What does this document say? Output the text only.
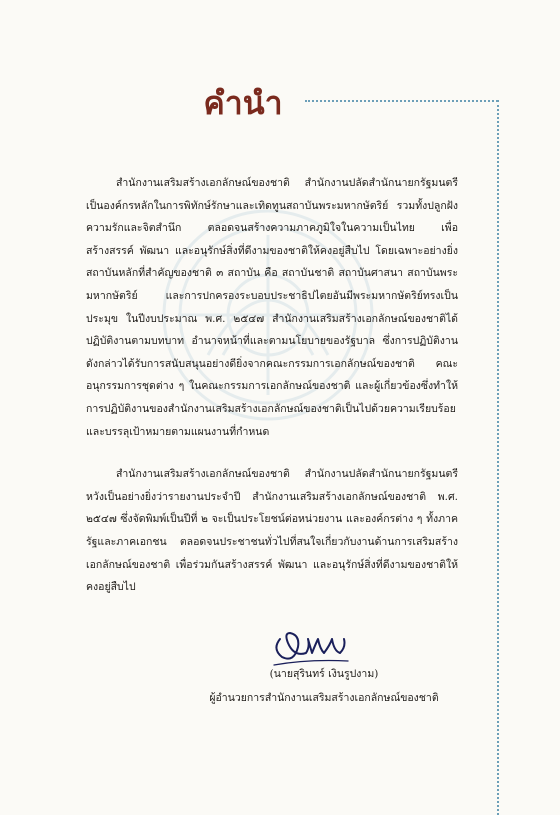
คำนำ

สำนักงานเสริมสร้างเอกลักษณ์ของชาติ สำนักงานปลัดสำนักนายกรัฐมนตรีเป็นองค์กรหลักในการพิทักษ์รักษาและเทิดทูนสถาบันพระมหากษัตริย์ รวมทั้งปลูกฝังความรักและจิตสำนึก ตลอดจนสร้างความภาคภูมิใจในความเป็นไทย เพื่อสร้างสรรค์ พัฒนา และอนุรักษ์สิ่งที่ดีงามของชาติให้คงอยู่สืบไป โดยเฉพาะอย่างยิ่งสถาบันหลักที่สำคัญของชาติ ๓ สถาบัน คือ สถาบันชาติ สถาบันศาสนา สถาบันพระมหากษัตริย์ และการปกครองระบอบประชาธิปไตยอันมีพระมหากษัตริย์ทรงเป็นประมุข ในปีงบประมาณ พ.ศ. ๒๕๔๗ สำนักงานเสริมสร้างเอกลักษณ์ของชาติได้ปฏิบัติงานตามบทบาท อำนาจหน้าที่และตามนโยบายของรัฐบาล ซึ่งการปฏิบัติงานดังกล่าวได้รับการสนับสนุนอย่างดียิ่งจากคณะกรรมการเอกลักษณ์ของชาติ คณะอนุกรรมการชุดต่าง ๆ ในคณะกรรมการเอกลักษณ์ของชาติ และผู้เกี่ยวข้องซึ่งทำให้การปฏิบัติงานของสำนักงานเสริมสร้างเอกลักษณ์ของชาติเป็นไปด้วยความเรียบร้อยและบรรลุเป้าหมายตามแผนงานที่กำหนด

สำนักงานเสริมสร้างเอกลักษณ์ของชาติ สำนักงานปลัดสำนักนายกรัฐมนตรี หวังเป็นอย่างยิ่งว่ารายงานประจำปี สำนักงานเสริมสร้างเอกลักษณ์ของชาติ พ.ศ. ๒๕๔๗ ซึ่งจัดพิมพ์เป็นปีที่ ๒ จะเป็นประโยชน์ต่อหน่วยงาน และองค์กรต่าง ๆ ทั้งภาครัฐและภาคเอกชน ตลอดจนประชาชนทั่วไปที่สนใจเกี่ยวกับงานด้านการเสริมสร้างเอกลักษณ์ของชาติ เพื่อร่วมกันสร้างสรรค์ พัฒนา และอนุรักษ์สิ่งที่ดีงามของชาติให้คงอยู่สืบไป

(นายสุรินทร์ เงินรูปงาม)
ผู้อำนวยการสำนักงานเสริมสร้างเอกลักษณ์ของชาติ
